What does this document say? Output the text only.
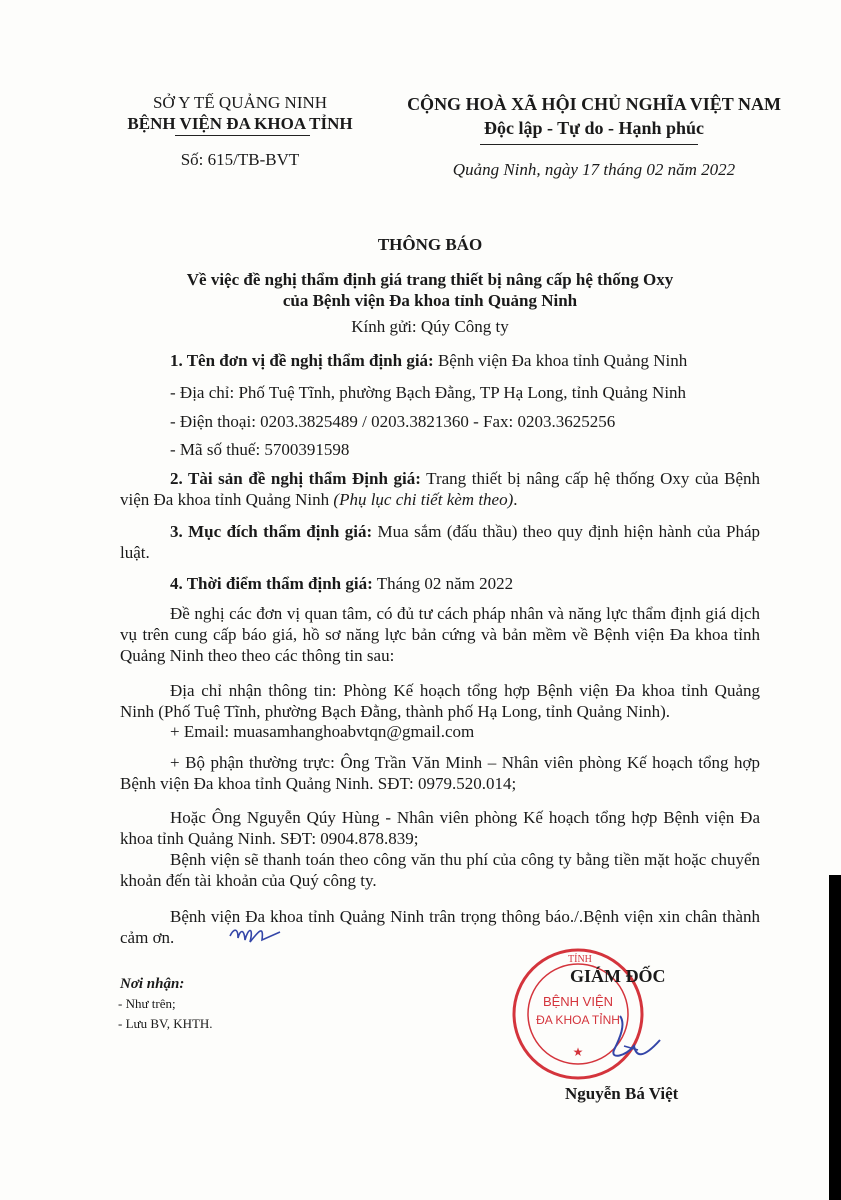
SỞ Y TẾ QUẢNG NINH
BỆNH VIỆN ĐA KHOA TỈNH
Số: 615/TB-BVT
CỘNG HOÀ XÃ HỘI CHỦ NGHĨA VIỆT NAM
Độc lập - Tự do - Hạnh phúc
Quảng Ninh, ngày 17 tháng 02 năm 2022
THÔNG BÁO
Về việc đề nghị thẩm định giá trang thiết bị nâng cấp hệ thống Oxy
của Bệnh viện Đa khoa tỉnh Quảng Ninh
Kính gửi: Qúy Công ty
1. Tên đơn vị đề nghị thẩm định giá: Bệnh viện Đa khoa tỉnh Quảng Ninh
- Địa chỉ: Phố Tuệ Tĩnh, phường Bạch Đằng, TP Hạ Long, tỉnh Quảng Ninh
- Điện thoại: 0203.3825489 / 0203.3821360 - Fax: 0203.3625256
- Mã số thuế: 5700391598
2. Tài sản đề nghị thẩm Định giá: Trang thiết bị nâng cấp hệ thống Oxy của Bệnh viện Đa khoa tỉnh Quảng Ninh (Phụ lục chi tiết kèm theo).
3. Mục đích thẩm định giá: Mua sắm (đấu thầu) theo quy định hiện hành của Pháp luật.
4. Thời điểm thẩm định giá: Tháng 02 năm 2022
Đề nghị các đơn vị quan tâm, có đủ tư cách pháp nhân và năng lực thẩm định giá dịch vụ trên cung cấp báo giá, hồ sơ năng lực bản cứng và bản mềm về Bệnh viện Đa khoa tỉnh Quảng Ninh theo theo các thông tin sau:
Địa chỉ nhận thông tin: Phòng Kế hoạch tổng hợp Bệnh viện Đa khoa tỉnh Quảng Ninh (Phố Tuệ Tĩnh, phường Bạch Đằng, thành phố Hạ Long, tỉnh Quảng Ninh).
+ Email: muasamhanghoabvtqn@gmail.com
+ Bộ phận thường trực: Ông Trần Văn Minh – Nhân viên phòng Kế hoạch tổng hợp Bệnh viện Đa khoa tỉnh Quảng Ninh. SĐT: 0979.520.014;
Hoặc Ông Nguyễn Qúy Hùng - Nhân viên phòng Kế hoạch tổng hợp Bệnh viện Đa khoa tỉnh Quảng Ninh. SĐT: 0904.878.839;
Bệnh viện sẽ thanh toán theo công văn thu phí của công ty bằng tiền mặt hoặc chuyển khoản đến tài khoản của Quý công ty.
Bệnh viện Đa khoa tỉnh Quảng Ninh trân trọng thông báo./.Bệnh viện xin chân thành cảm ơn.
Nơi nhận:
- Như trên;
- Lưu BV, KHTH.
TỈNH
BỆNH VIỆN
ĐA KHOA TỈNH
★
GIÁM ĐỐC
Nguyễn Bá Việt
